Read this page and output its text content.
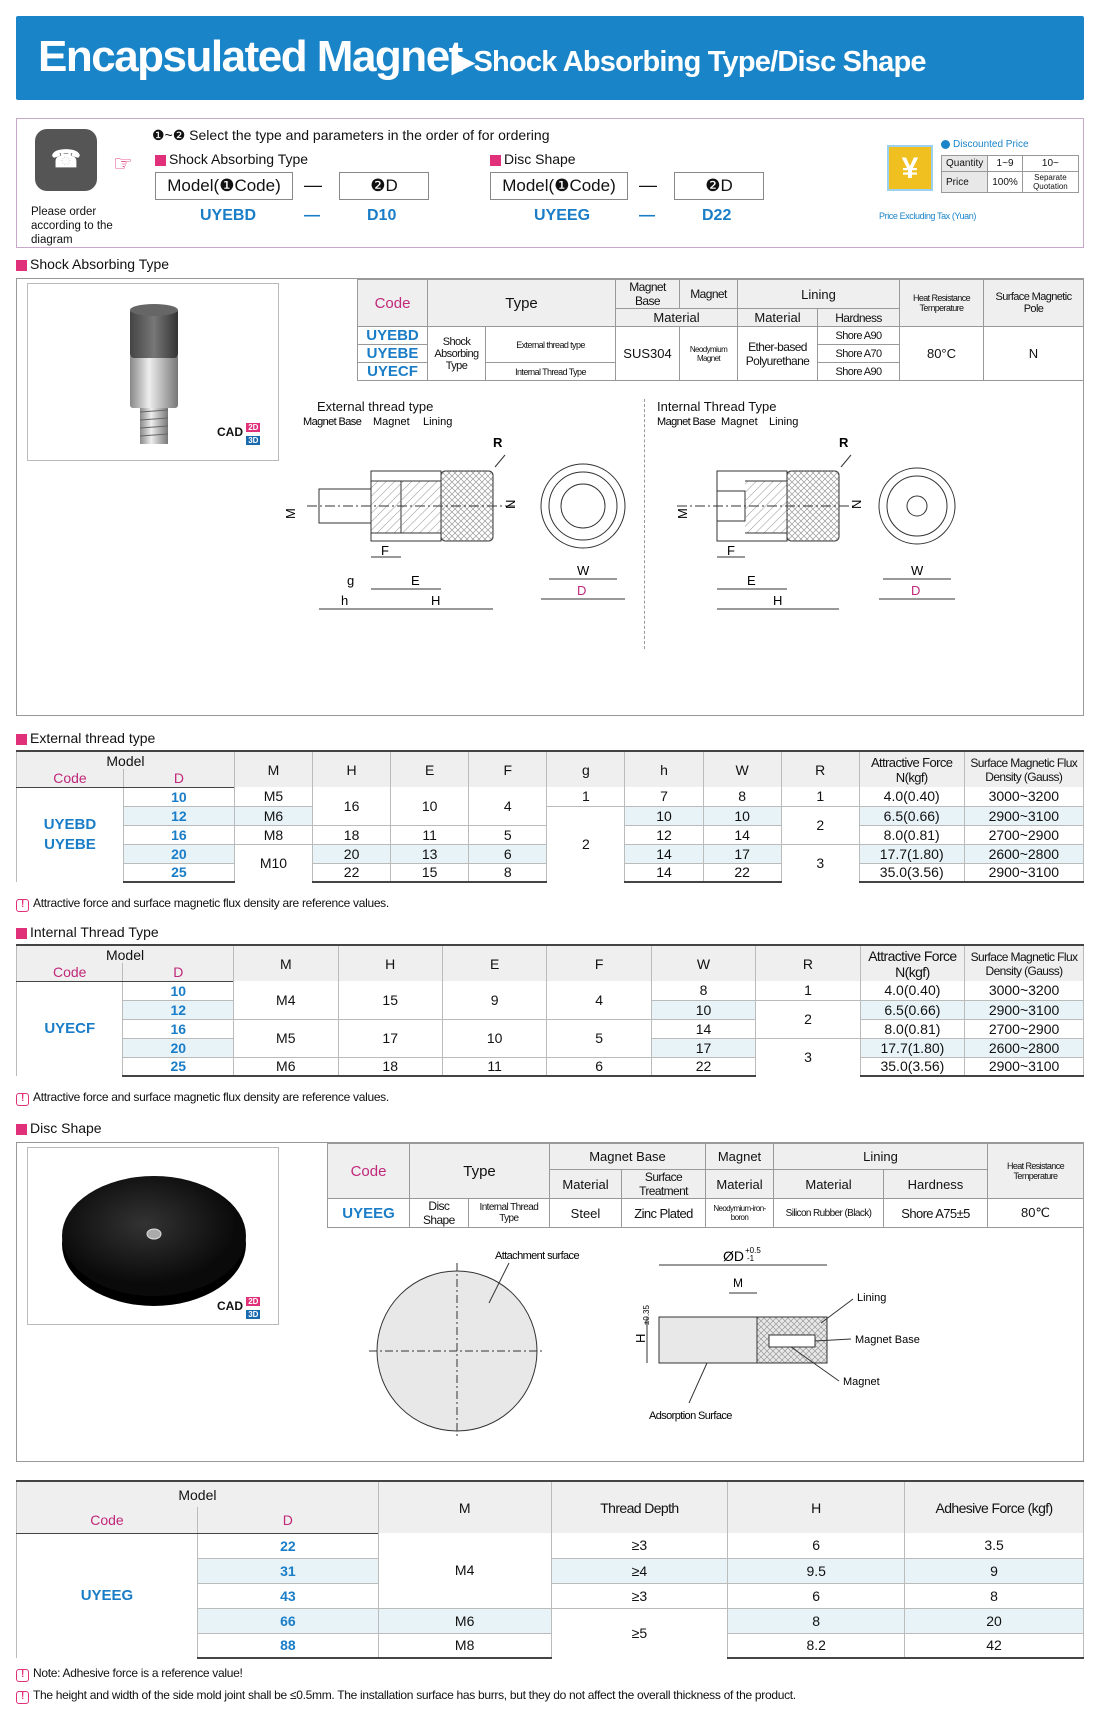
Encapsulated Magnet
▶Shock Absorbing Type/Disc Shape
☎
Please order according to the diagram
☞
❶~❷ Select the type and parameters in the order of for ordering
Shock Absorbing Type
Model(❶Code)	—	❷D
UYEBD	—	D10
Disc Shape
Model(❶Code)	—	❷D
UYEEG	—	D22
¥
Discounted Price
Quantity	1~9	10~
Price	100%	Separate Quotation
Price Excluding Tax (Yuan)
Shock Absorbing Type
CAD 2D
3D
Code	Type		Magnet Base	Magnet	Lining		Heat Resistance Temperature	Surface Magnetic Pole
			Material		Material	Hardness		
UYEBD	Shock Absorbing Type	External thread type	SUS304	Neodymium Magnet	Ether-based Polyurethane	Shore A90	80°C	N
UYEBE						Shore A70		
UYECF		Internal Thread Type				Shore A90		
External thread type
R
M
N
Magnet Base Magnet Lining
F
E
g
h	H
W
D
Internal Thread Type
R
M
N
Magnet Base Magnet Lining
F
E
H
W
D
External thread type
Model		M	H	E	F	g	h	W	R	Attractive Force N(kgf)	Surface Magnetic Flux Density (Gauss)
Code	D										
UYEBD
UYEBE	10	M5	16	10	4	1	7	8	1	4.0(0.40)	3000~3200
	12	M6				2	10	10	2	6.5(0.66)	2900~3100
	16	M8	18	11	5		12	14		8.0(0.81)	2700~2900
	20	M10	20	13	6		14	17	3	17.7(1.80)	2600~2800
	25		22	15	8		14	22		35.0(3.56)	2900~3100
! Attractive force and surface magnetic flux density are reference values.
Internal Thread Type
Model		M	H	E	F	W	R	Attractive Force N(kgf)	Surface Magnetic Flux Density (Gauss)
Code	D								
UYECF	10	M4	15	9	4	8	1	4.0(0.40)	3000~3200
	12					10	2	6.5(0.66)	2900~3100
	16	M5	17	10	5	14		8.0(0.81)	2700~2900
	20					17	3	17.7(1.80)	2600~2800
	25	M6	18	11	6	22		35.0(3.56)	2900~3100
! Attractive force and surface magnetic flux density are reference values.
Disc Shape
CAD 2D
3D
Code	Type		Magnet Base		Magnet	Lining		Heat Resistance Temperature
			Material	Surface Treatment	Material	Material	Hardness	
UYEEG	Disc Shape	Internal Thread Type	Steel	Zinc Plated	Neodymium-iron-boron	Silicon Rubber (Black)	Shore A75±5	80℃
Attachment surface	ØD +0.5
-1
M
H
±0.35
Lining
Magnet Base
Magnet
Adsorption Surface
Model		M	Thread Depth	H	Adhesive Force (kgf)
Code	D				
UYEEG	22	M4	≥3	6	3.5
	31		≥4	9.5	9
	43		≥3	6	8
	66	M6	≥5	8	20
	88	M8		8.2	42
! Note: Adhesive force is a reference value!
! The height and width of the side mold joint shall be ≤0.5mm. The installation surface has burrs, but they do not affect the overall thickness of the product.
